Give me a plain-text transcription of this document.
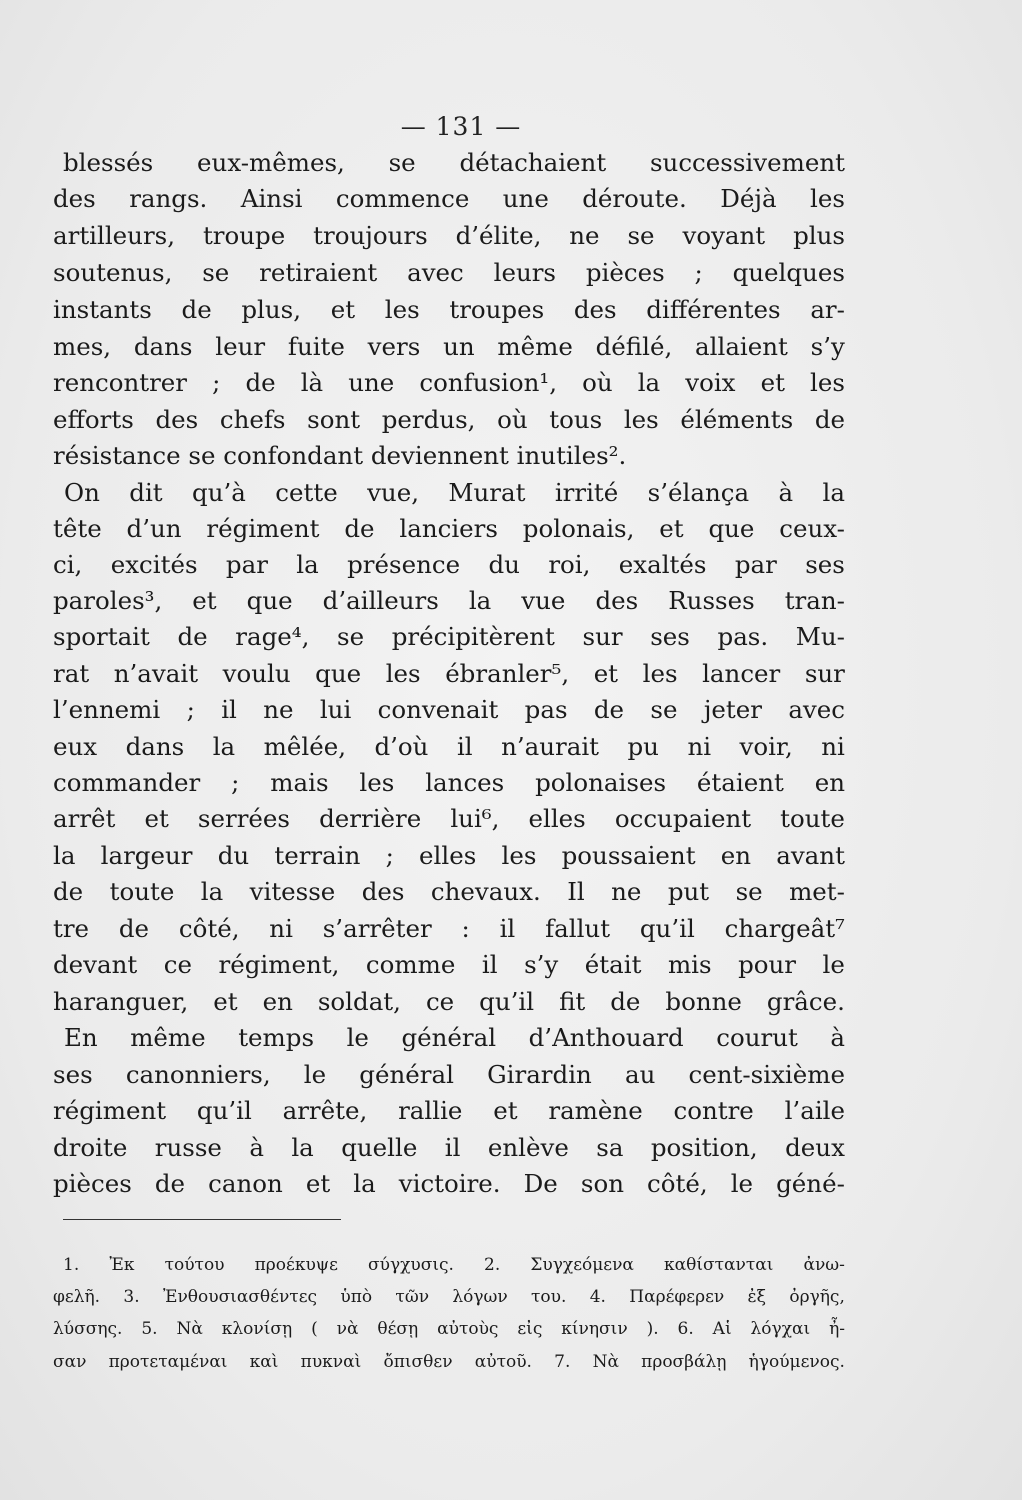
— 131 —
blessés eux-mêmes, se détachaient successivement
des rangs. Ainsi commence une déroute. Déjà les
artilleurs, troupe troujours d’élite, ne se voyant plus
soutenus, se retiraient avec leurs pièces ; quelques
instants de plus, et les troupes des différentes ar-
mes, dans leur fuite vers un même défilé, allaient s’y
rencontrer ; de là une confusion¹, où la voix et les
efforts des chefs sont perdus, où tous les éléments de
résistance se confondant deviennent inutiles².
On dit qu’à cette vue, Murat irrité s’élança à la
tête d’un régiment de lanciers polonais, et que ceux-
ci, excités par la présence du roi, exaltés par ses
paroles³, et que d’ailleurs la vue des Russes tran-
sportait de rage⁴, se précipitèrent sur ses pas. Mu-
rat n’avait voulu que les ébranler⁵, et les lancer sur
l’ennemi ; il ne lui convenait pas de se jeter avec
eux dans la mêlée, d’où il n’aurait pu ni voir, ni
commander ; mais les lances polonaises étaient en
arrêt et serrées derrière lui⁶, elles occupaient toute
la largeur du terrain ; elles les poussaient en avant
de toute la vitesse des chevaux. Il ne put se met-
tre de côté, ni s’arrêter : il fallut qu’il chargeât⁷
devant ce régiment, comme il s’y était mis pour le
haranguer, et en soldat, ce qu’il fit de bonne grâce.
En même temps le général d’Anthouard courut à
ses canonniers, le général Girardin au cent-sixième
régiment qu’il arrête, rallie et ramène contre l’aile
droite russe à la quelle il enlève sa position, deux
pièces de canon et la victoire. De son côté, le géné-
1. Ἐκ τούτου προέκυψε σύγχυσις. 2. Συγχεόμενα καθίστανται ἀνω-
φελῆ. 3. Ἐνθουσιασθέντες ὑπὸ τῶν λόγων του. 4. Παρέφερεν ἐξ ὀργῆς,
λύσσης. 5. Νὰ κλονίσῃ ( νὰ θέσῃ αὐτοὺς εἰς κίνησιν ). 6. Αἱ λόγχαι ἦ-
σαν προτεταμέναι καὶ πυκναὶ ὄπισθεν αὐτοῦ. 7. Νὰ προσβάλῃ ἡγούμενος.
